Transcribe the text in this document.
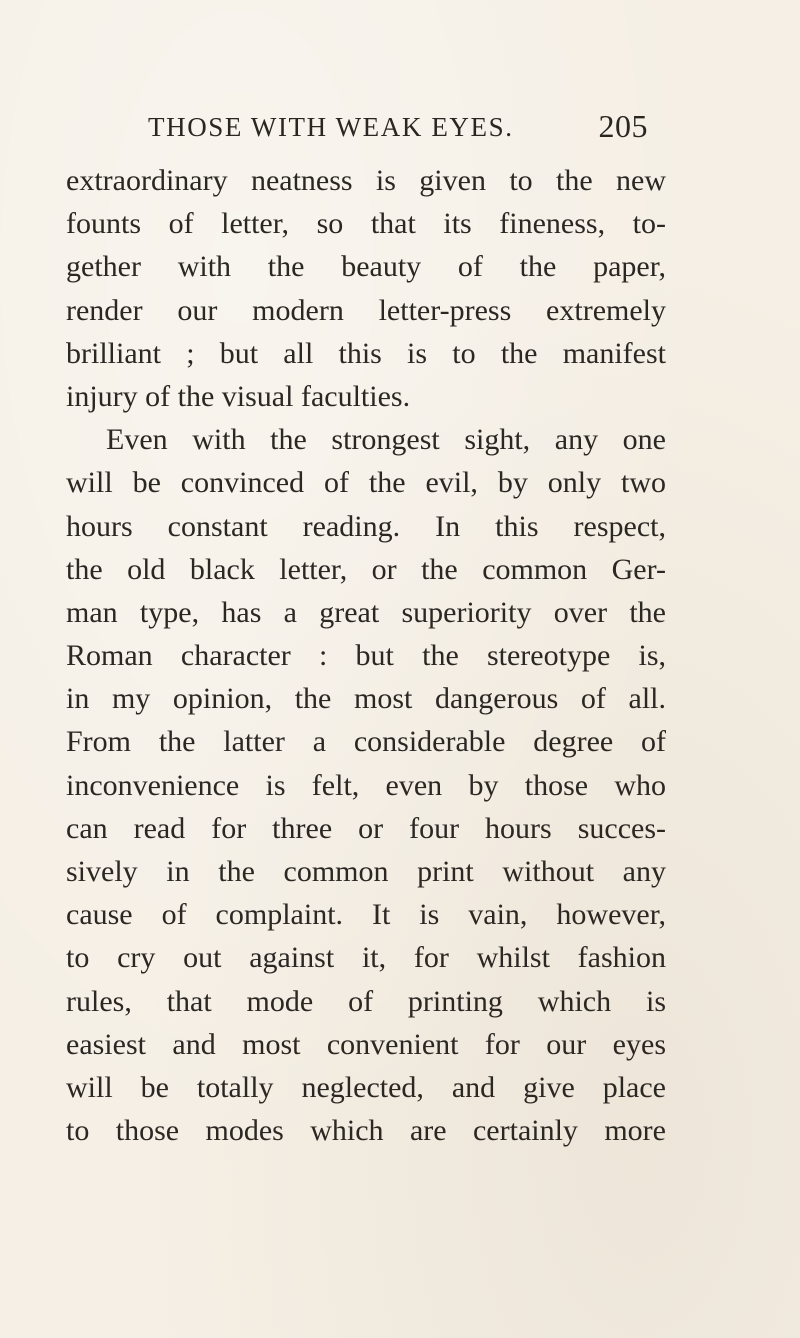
THOSE WITH WEAK EYES.	205
extraordinary neatness is given to the new
founts of letter, so that its fineness, to-
gether with the beauty of the paper,
render our modern letter-press extremely
brilliant ; but all this is to the manifest
injury of the visual faculties.
Even with the strongest sight, any one
will be convinced of the evil, by only two
hours constant reading. In this respect,
the old black letter, or the common Ger-
man type, has a great superiority over the
Roman character : but the stereotype is,
in my opinion, the most dangerous of all.
From the latter a considerable degree of
inconvenience is felt, even by those who
can read for three or four hours succes-
sively in the common print without any
cause of complaint. It is vain, however,
to cry out against it, for whilst fashion
rules, that mode of printing which is
easiest and most convenient for our eyes
will be totally neglected, and give place
to those modes which are certainly more
